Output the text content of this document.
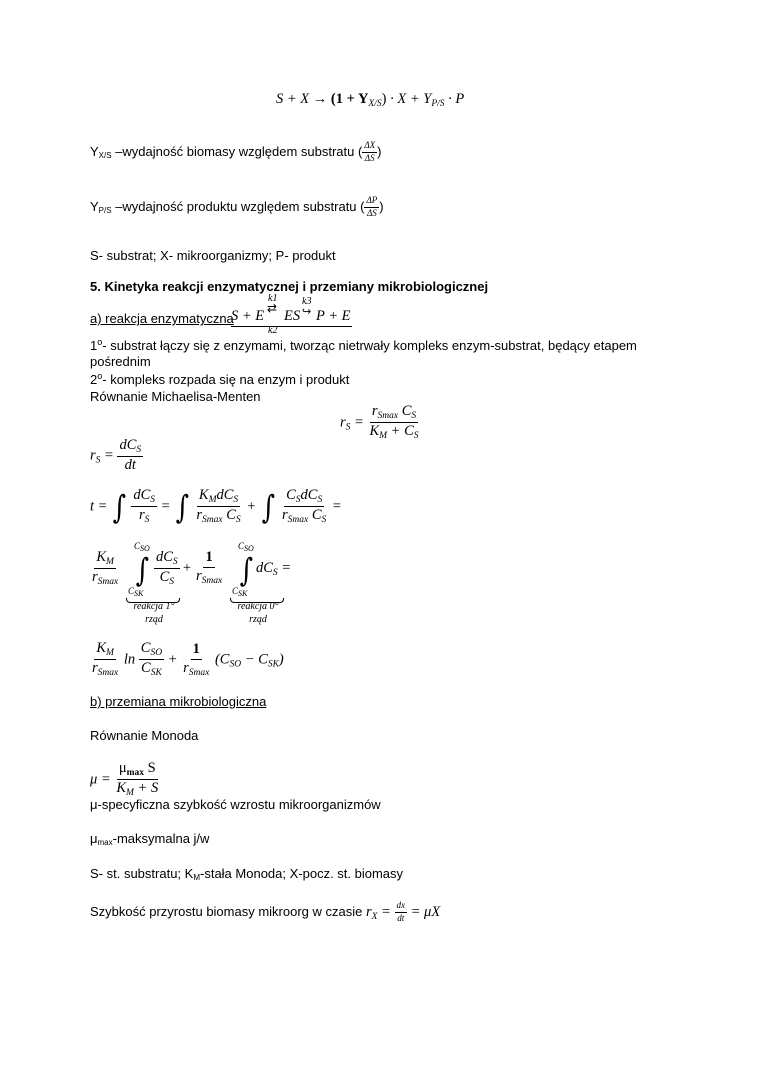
$S + X \to (1 + Y_{X/S}) \cdot X + Y_{P/S} \cdot P$
YX/S –wydajność biomasy względem substratu ( $\frac{\Delta X}{\Delta S}$ )
YP/S –wydajność produktu względem substratu ( $\frac{\Delta P}{\Delta S}$ )
S- substrat; X- mikroorganizmy; P- produkt
5. Kinetyka reakcji enzymatycznej i przemiany mikrobiologicznej
a) reakcja enzymatyczna
S + E
k1
⇄
k2
ES
k3
↪ P + E
1$^o$- substrat łączy się z enzymami, tworząc nietrwały kompleks enzym-substrat, będący etapem
pośrednim
2$^o$- kompleks rozpada się na enzym i produkt
Równanie Michaelisa-Menten
$r_S = \frac{r_{Smax} C_S}{K_M + C_S}$
$r_S = \frac{dC_S}{dt}$
t = ∫ $\frac{dC_S}{r_S}$ = ∫ $\frac{K_MdC_S}{r_{Smax} C_S}$ + ∫ $\frac{C_SdC_S}{r_{Smax} C_S}$ =
$K_M$
$r_{Smax}$
CSO
∫
CSK
$dC_S$
$C_S$
+
1
$r_{Smax}$
CSO
∫
CSK
$dC_S$ =
reakcja 1°
rząd
reakcja 0°
rząd
$\frac{K_M}{r_{Smax}}$ $\ln \frac{C_{SO}}{C_{SK}} + \frac{1}{r_{Smax}} (C_{SO} - C_{SK})$
b) przemiana mikrobiologiczna
Równanie Monoda
$\mu = \frac{\mu_{max} S}{K_M + S}$
μ-specyficzna szybkość wzrostu mikroorganizmów
μmax-maksymalna j/w
S- st. substratu; KM-stała Monoda; X-pocz. st. biomasy
Szybkość przyrostu biomasy mikroorg w czasie $r_X = \frac{dx}{dt} = \mu X$
